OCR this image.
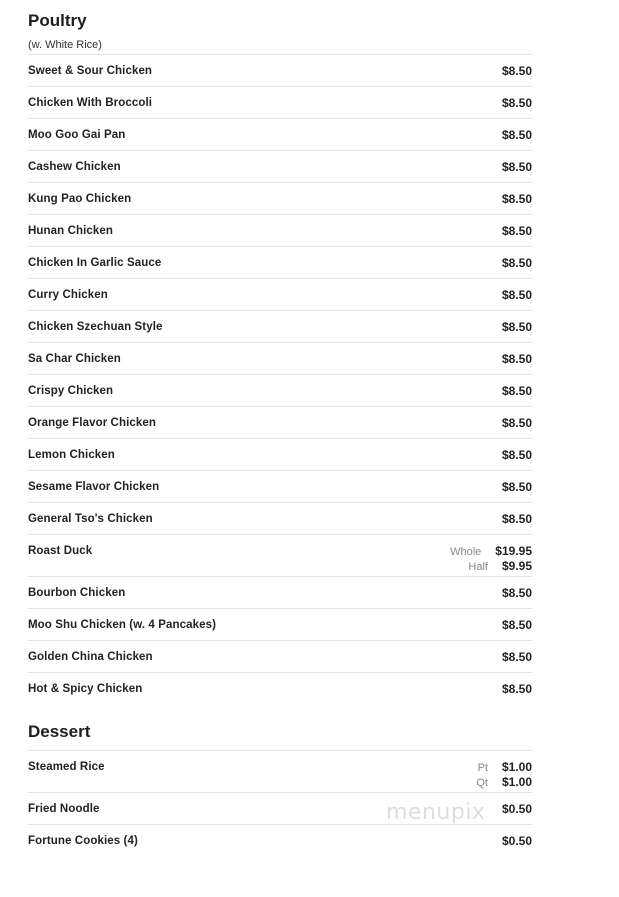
Poultry
(w. White Rice)
Sweet & Sour Chicken	$8.50
Chicken With Broccoli	$8.50
Moo Goo Gai Pan	$8.50
Cashew Chicken	$8.50
Kung Pao Chicken	$8.50
Hunan Chicken	$8.50
Chicken In Garlic Sauce	$8.50
Curry Chicken	$8.50
Chicken Szechuan Style	$8.50
Sa Char Chicken	$8.50
Crispy Chicken	$8.50
Orange Flavor Chicken	$8.50
Lemon Chicken	$8.50
Sesame Flavor Chicken	$8.50
General Tso's Chicken	$8.50
Roast Duck	Whole $19.95
Half $9.95
Bourbon Chicken	$8.50
Moo Shu Chicken (w. 4 Pancakes)	$8.50
Golden China Chicken	$8.50
Hot & Spicy Chicken	$8.50
Dessert
Steamed Rice	Pt $1.00
Qt $1.00
Fried Noodle	$0.50
Fortune Cookies (4)	$0.50
menupix
